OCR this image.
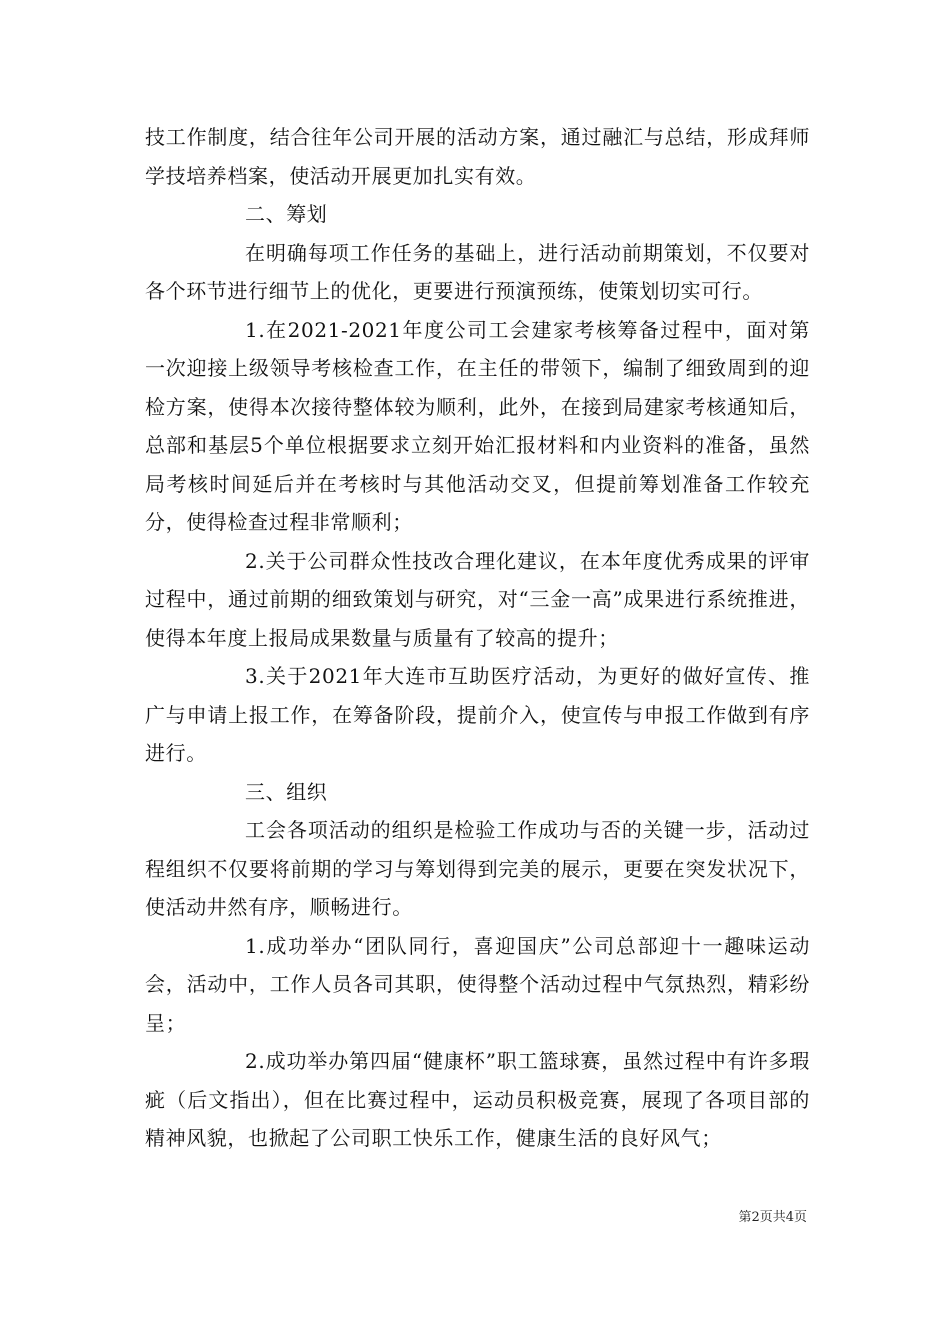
技工作制度，结合往年公司开展的活动方案，通过融汇与总结，形成拜师学技培养档案，使活动开展更加扎实有效。

二、筹划

在明确每项工作任务的基础上，进行活动前期策划，不仅要对各个环节进行细节上的优化，更要进行预演预练，使策划切实可行。

1.在2021-2021年度公司工会建家考核筹备过程中，面对第一次迎接上级领导考核检查工作，在主任的带领下，编制了细致周到的迎检方案，使得本次接待整体较为顺利，此外，在接到局建家考核通知后，总部和基层5个单位根据要求立刻开始汇报材料和内业资料的准备，虽然局考核时间延后并在考核时与其他活动交叉，但提前筹划准备工作较充分，使得检查过程非常顺利；

2.关于公司群众性技改合理化建议，在本年度优秀成果的评审过程中，通过前期的细致策划与研究，对“三金一高”成果进行系统推进，使得本年度上报局成果数量与质量有了较高的提升；

3.关于2021年大连市互助医疗活动，为更好的做好宣传、推广与申请上报工作，在筹备阶段，提前介入，使宣传与申报工作做到有序进行。

三、组织

工会各项活动的组织是检验工作成功与否的关键一步，活动过程组织不仅要将前期的学习与筹划得到完美的展示，更要在突发状况下，使活动井然有序，顺畅进行。

1.成功举办“团队同行，喜迎国庆”公司总部迎十一趣味运动会，活动中，工作人员各司其职，使得整个活动过程中气氛热烈，精彩纷呈；

2.成功举办第四届“健康杯”职工篮球赛，虽然过程中有许多瑕疵（后文指出），但在比赛过程中，运动员积极竞赛，展现了各项目部的精神风貌，也掀起了公司职工快乐工作，健康生活的良好风气；

第2页共4页
